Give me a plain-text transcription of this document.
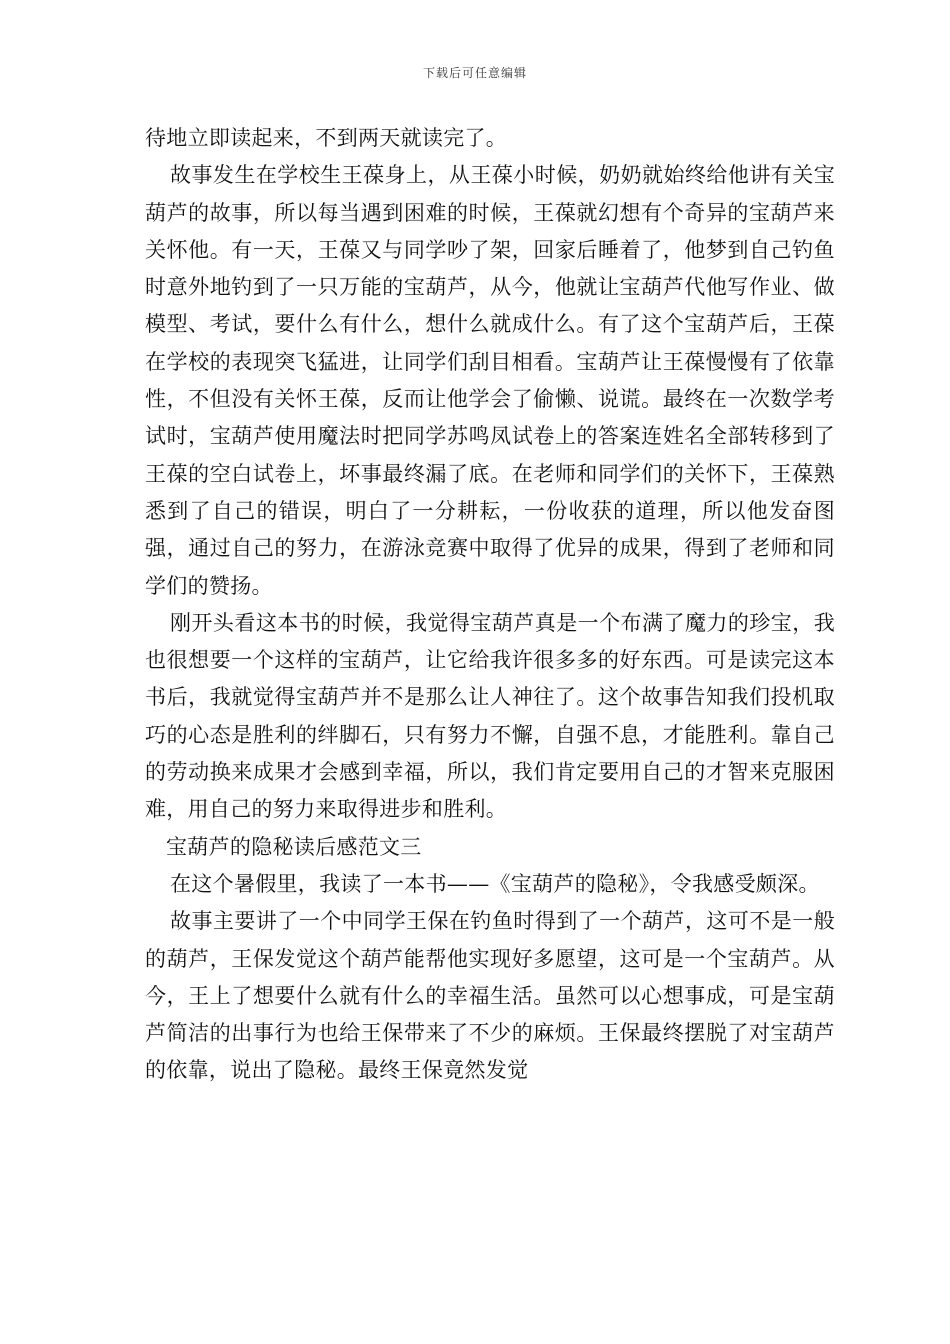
下载后可任意编辑

待地立即读起来，不到两天就读完了。

故事发生在学校生王葆身上，从王葆小时候，奶奶就始终给他讲有关宝葫芦的故事，所以每当遇到困难的时候，王葆就幻想有个奇异的宝葫芦来关怀他。有一天，王葆又与同学吵了架，回家后睡着了，他梦到自己钓鱼时意外地钓到了一只万能的宝葫芦，从今，他就让宝葫芦代他写作业、做模型、考试，要什么有什么，想什么就成什么。有了这个宝葫芦后，王葆在学校的表现突飞猛进，让同学们刮目相看。宝葫芦让王葆慢慢有了依靠性，不但没有关怀王葆，反而让他学会了偷懒、说谎。最终在一次数学考试时，宝葫芦使用魔法时把同学苏鸣凤试卷上的答案连姓名全部转移到了王葆的空白试卷上，坏事最终漏了底。在老师和同学们的关怀下，王葆熟悉到了自己的错误，明白了一分耕耘，一份收获的道理，所以他发奋图强，通过自己的努力，在游泳竞赛中取得了优异的成果，得到了老师和同学们的赞扬。

刚开头看这本书的时候，我觉得宝葫芦真是一个布满了魔力的珍宝，我也很想要一个这样的宝葫芦，让它给我许很多多的好东西。可是读完这本书后，我就觉得宝葫芦并不是那么让人神往了。这个故事告知我们投机取巧的心态是胜利的绊脚石，只有努力不懈，自强不息，才能胜利。靠自己的劳动换来成果才会感到幸福，所以，我们肯定要用自己的才智来克服困难，用自己的努力来取得进步和胜利。

宝葫芦的隐秘读后感范文三

在这个暑假里，我读了一本书——《宝葫芦的隐秘》，令我感受颇深。

故事主要讲了一个中同学王保在钓鱼时得到了一个葫芦，这可不是一般的葫芦，王保发觉这个葫芦能帮他实现好多愿望，这可是一个宝葫芦。从今，王上了想要什么就有什么的幸福生活。虽然可以心想事成，可是宝葫芦简洁的出事行为也给王保带来了不少的麻烦。王保最终摆脱了对宝葫芦的依靠，说出了隐秘。最终王保竟然发觉
